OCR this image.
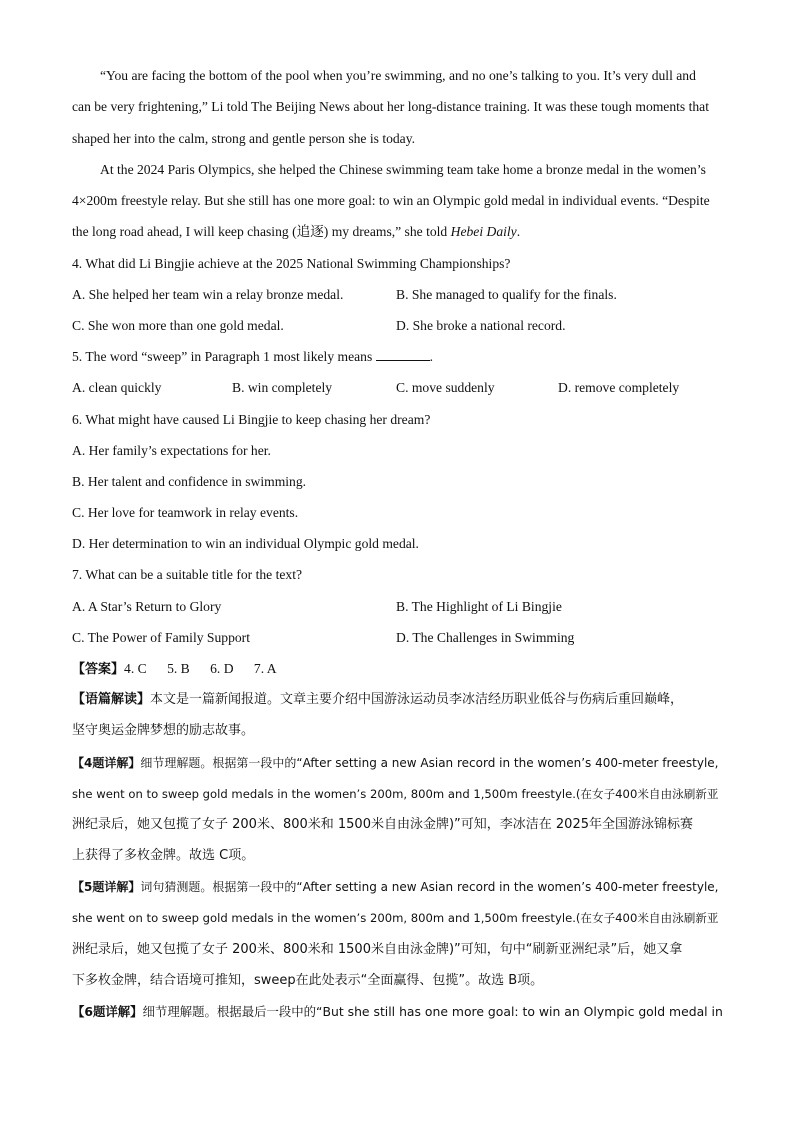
“You are facing the bottom of the pool when you’re swimming, and no one’s talking to you. It’s very dull and
can be very frightening,” Li told The Beijing News about her long-distance training. It was these tough moments that
shaped her into the calm, strong and gentle person she is today.
At the 2024 Paris Olympics, she helped the Chinese swimming team take home a bronze medal in the women’s
4×200m freestyle relay. But she still has one more goal: to win an Olympic gold medal in individual events. “Despite
the long road ahead, I will keep chasing (追逐) my dreams,” she told Hebei Daily.
4. What did Li Bingjie achieve at the 2025 National Swimming Championships?
A. She helped her team win a relay bronze medal.	B. She managed to qualify for the finals.
C. She won more than one gold medal.	D. She broke a national record.
5. The word “sweep” in Paragraph 1 most likely means	.
A. clean quickly	B. win completely	C. move suddenly	D. remove completely
6. What might have caused Li Bingjie to keep chasing her dream?
A. Her family’s expectations for her.
B. Her talent and confidence in swimming.
C. Her love for teamwork in relay events.
D. Her determination to win an individual Olympic gold medal.
7. What can be a suitable title for the text?
A. A Star’s Return to Glory	B. The Highlight of Li Bingjie
C. The Power of Family Support	D. The Challenges in Swimming
【答案】4. C      5. B      6. D      7. A
【语篇解读】本文是一篇新闻报道。文章主要介绍中国游泳运动员李冰洁经历职业低谷与伤病后重回巅峰，
坚守奥运金牌梦想的励志故事。
【4题详解】细节理解题。根据第一段中的“After setting a new Asian record in the women’s 400-meter freestyle,
she went on to sweep gold medals in the women’s 200m, 800m and 1,500m freestyle.(在女子400米自由泳刷新亚
洲纪录后，她又包揽了女子 200米、800米和 1500米自由泳金牌)”可知，李冰洁在 2025年全国游泳锦标赛
上获得了多枚金牌。故选 C项。
【5题详解】词句猜测题。根据第一段中的“After setting a new Asian record in the women’s 400-meter freestyle,
she went on to sweep gold medals in the women’s 200m, 800m and 1,500m freestyle.(在女子400米自由泳刷新亚
洲纪录后，她又包揽了女子 200米、800米和 1500米自由泳金牌)”可知，句中“刷新亚洲纪录”后，她又拿
下多枚金牌，结合语境可推知，sweep在此处表示“全面赢得、包揽”。故选 B项。
【6题详解】细节理解题。根据最后一段中的“But she still has one more goal: to win an Olympic gold medal in
